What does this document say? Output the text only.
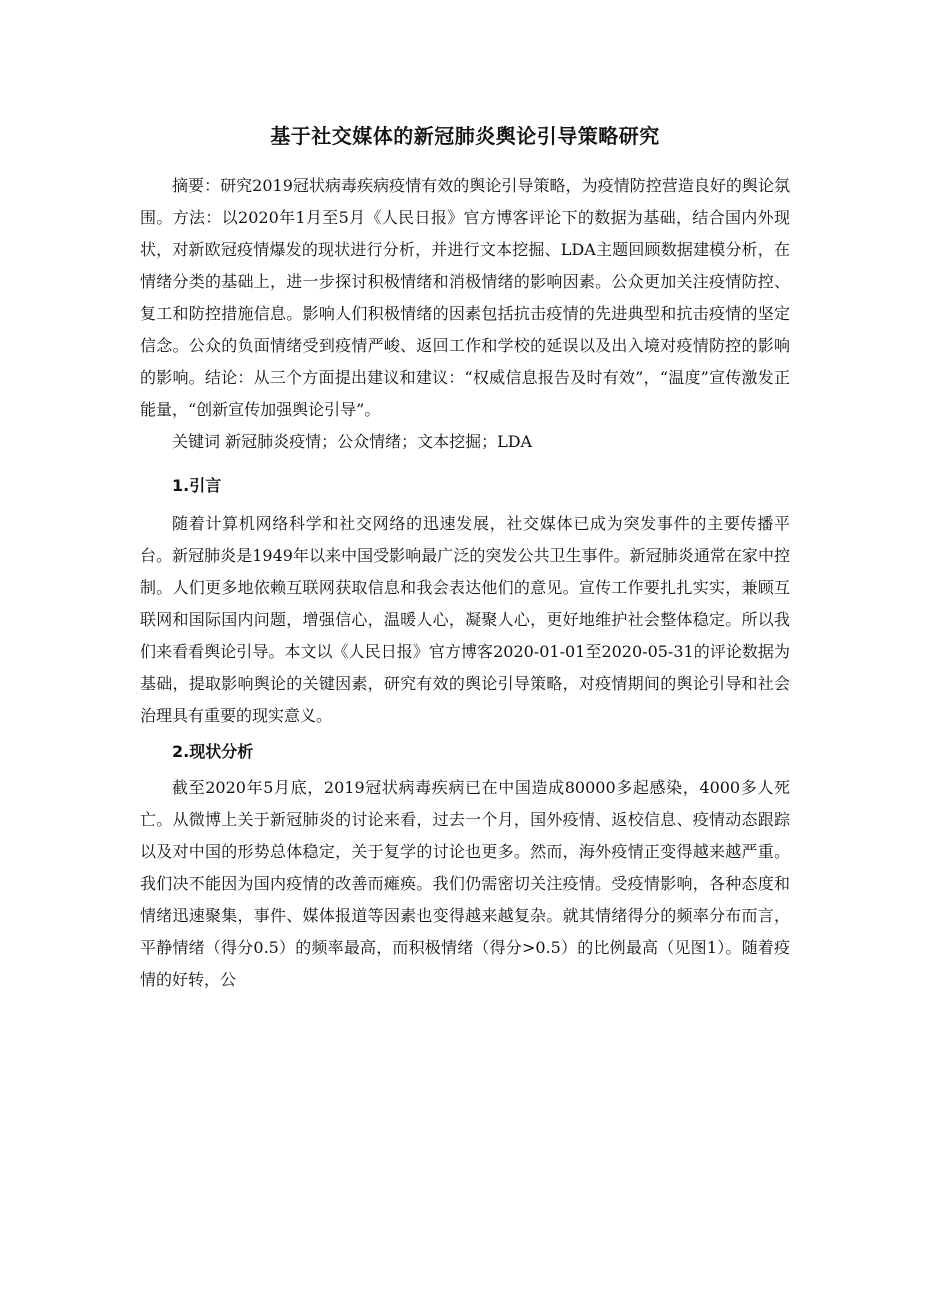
基于社交媒体的新冠肺炎舆论引导策略研究

摘要：研究2019冠状病毒疾病疫情有效的舆论引导策略，为疫情防控营造良好的舆论氛围。方法：以2020年1月至5月《人民日报》官方博客评论下的数据为基础，结合国内外现状，对新欧冠疫情爆发的现状进行分析，并进行文本挖掘、LDA主题回顾数据建模分析，在情绪分类的基础上，进一步探讨积极情绪和消极情绪的影响因素。公众更加关注疫情防控、复工和防控措施信息。影响人们积极情绪的因素包括抗击疫情的先进典型和抗击疫情的坚定信念。公众的负面情绪受到疫情严峻、返回工作和学校的延误以及出入境对疫情防控的影响的影响。结论：从三个方面提出建议和建议：“权威信息报告及时有效”，“温度”宣传激发正能量，“创新宣传加强舆论引导”。

关键词 新冠肺炎疫情；公众情绪；文本挖掘；LDA

1.引言

随着计算机网络科学和社交网络的迅速发展，社交媒体已成为突发事件的主要传播平台。新冠肺炎是1949年以来中国受影响最广泛的突发公共卫生事件。新冠肺炎通常在家中控制。人们更多地依赖互联网获取信息和我会表达他们的意见。宣传工作要扎扎实实，兼顾互联网和国际国内问题，增强信心，温暖人心，凝聚人心，更好地维护社会整体稳定。所以我们来看看舆论引导。本文以《人民日报》官方博客2020-01-01至2020-05-31的评论数据为基础，提取影响舆论的关键因素，研究有效的舆论引导策略，对疫情期间的舆论引导和社会治理具有重要的现实意义。

2.现状分析

截至2020年5月底，2019冠状病毒疾病已在中国造成80000多起感染，4000多人死亡。从微博上关于新冠肺炎的讨论来看，过去一个月，国外疫情、返校信息、疫情动态跟踪以及对中国的形势总体稳定，关于复学的讨论也更多。然而，海外疫情正变得越来越严重。我们决不能因为国内疫情的改善而瘫痪。我们仍需密切关注疫情。受疫情影响，各种态度和情绪迅速聚集，事件、媒体报道等因素也变得越来越复杂。就其情绪得分的频率分布而言，平静情绪（得分0.5）的频率最高，而积极情绪（得分>0.5）的比例最高（见图1）。随着疫情的好转，公
